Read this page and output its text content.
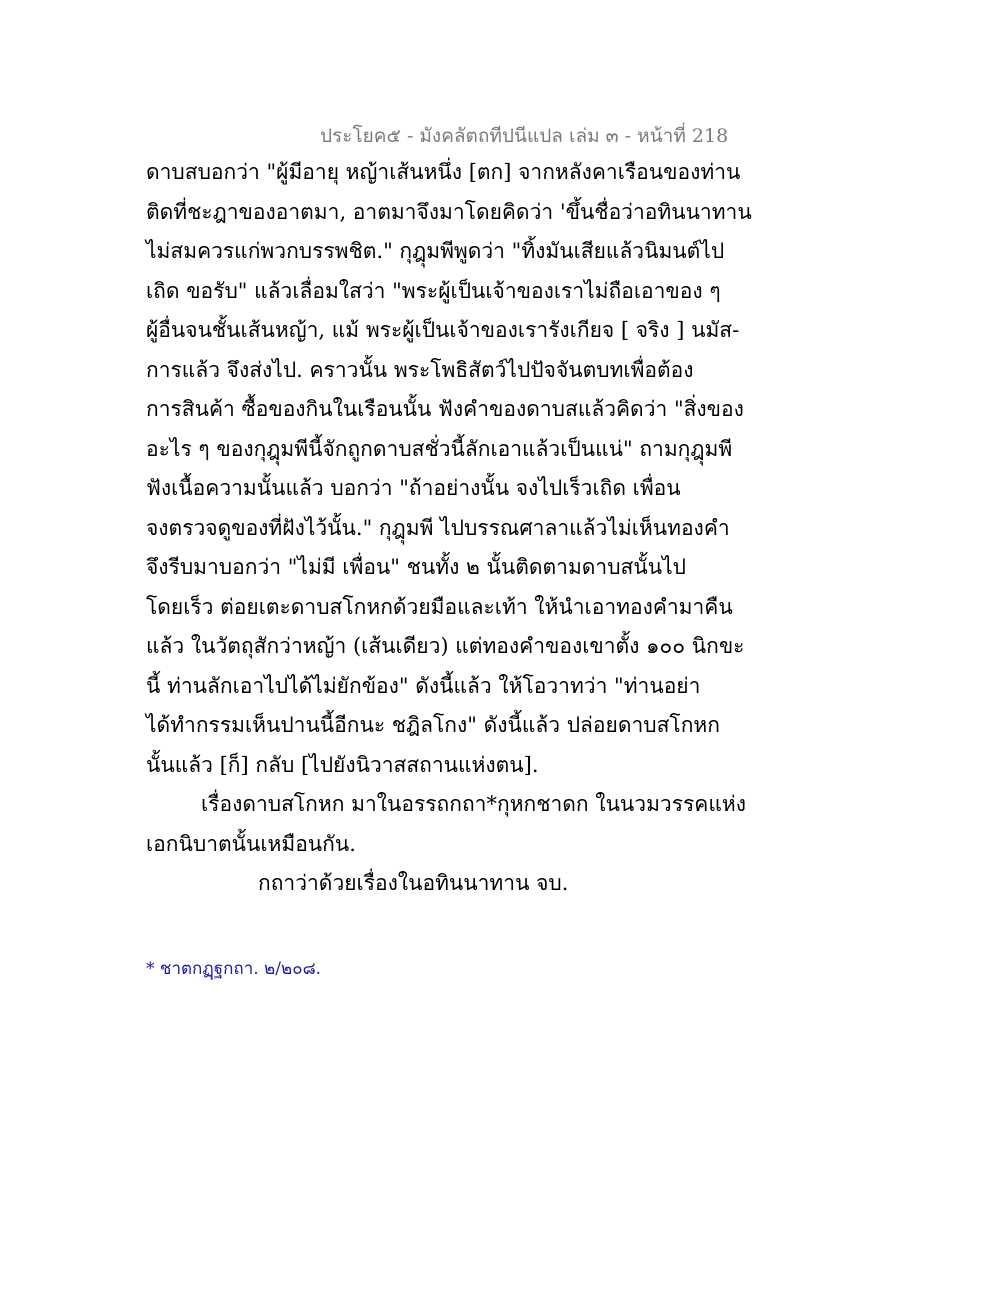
ประโยค๕ - มังคลัตถทีปนีแปล เล่ม ๓ - หน้าที่ 218
ดาบสบอกว่า "ผู้มีอายุ หญ้าเส้นหนึ่ง [ตก] จากหลังคาเรือนของท่าน
ติดที่ชะฎาของอาตมา, อาตมาจึงมาโดยคิดว่า 'ขึ้นชื่อว่าอทินนาทาน
ไม่สมควรแก่พวกบรรพชิต." กุฎุมพีพูดว่า "ทิ้งมันเสียแล้วนิมนต์ไป
เถิด ขอรับ" แล้วเลื่อมใสว่า "พระผู้เป็นเจ้าของเราไม่ถือเอาของ ๆ
ผู้อื่นจนชั้นเส้นหญ้า, แม้ พระผู้เป็นเจ้าของเรารังเกียจ [ จริง ] นมัส-
การแล้ว จึงส่งไป. คราวนั้น พระโพธิสัตว์ไปปัจจันตบทเพื่อต้อง
การสินค้า ซื้อของกินในเรือนนั้น ฟังคำของดาบสแล้วคิดว่า "สิ่งของ
อะไร ๆ ของกุฎุมพีนี้จักถูกดาบสชั่วนี้ลักเอาแล้วเป็นแน่" ถามกุฎุมพี
ฟังเนื้อความนั้นแล้ว บอกว่า "ถ้าอย่างนั้น จงไปเร็วเถิด เพื่อน
จงตรวจดูของที่ฝังไว้นั้น." กุฎุมพี ไปบรรณศาลาแล้วไม่เห็นทองคำ
จึงรีบมาบอกว่า "ไม่มี เพื่อน" ชนทั้ง ๒ นั้นติดตามดาบสนั้นไป
โดยเร็ว ต่อยเตะดาบสโกหกด้วยมือและเท้า ให้นำเอาทองคำมาคืน
แล้ว ในวัตถุสักว่าหญ้า (เส้นเดียว) แต่ทองคำของเขาตั้ง ๑๐๐ นิกขะ
นี้ ท่านลักเอาไปได้ไม่ยักข้อง" ดังนี้แล้ว ให้โอวาทว่า "ท่านอย่า
ได้ทำกรรมเห็นปานนี้อีกนะ ชฎิลโกง" ดังนี้แล้ว ปล่อยดาบสโกหก
นั้นแล้ว [ก็] กลับ [ไปยังนิวาสสถานแห่งตน].
เรื่องดาบสโกหก มาในอรรถกถา*กุหกชาดก ในนวมวรรคแห่ง
เอกนิบาตนั้นเหมือนกัน.
กถาว่าด้วยเรื่องในอทินนาทาน จบ.
* ชาตกฏฺฐกถา. ๒/๒๐๘.
